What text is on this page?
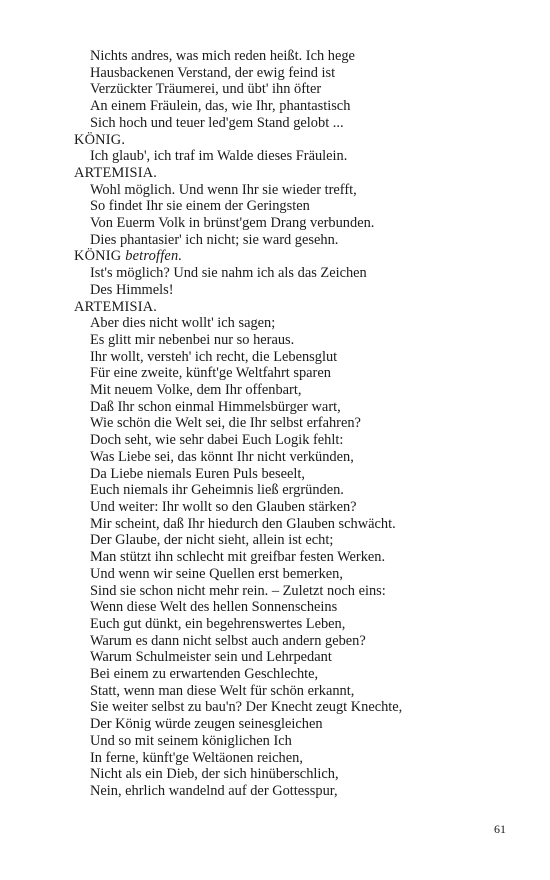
Nichts andres, was mich reden heißt. Ich hege
Hausbackenen Verstand, der ewig feind ist
Verzückter Träumerei, und übt' ihn öfter
An einem Fräulein, das, wie Ihr, phantastisch
Sich hoch und teuer led'gem Stand gelobt ...
KÖNIG.
Ich glaub', ich traf im Walde dieses Fräulein.
ARTEMISIA.
Wohl möglich. Und wenn Ihr sie wieder trefft,
So findet Ihr sie einem der Geringsten
Von Euerm Volk in brünst'gem Drang verbunden.
Dies phantasier' ich nicht; sie ward gesehn.
KÖNIG betroffen.
Ist's möglich? Und sie nahm ich als das Zeichen
Des Himmels!
ARTEMISIA.
Aber dies nicht wollt' ich sagen;
Es glitt mir nebenbei nur so heraus.
Ihr wollt, versteh' ich recht, die Lebensglut
Für eine zweite, künft'ge Weltfahrt sparen
Mit neuem Volke, dem Ihr offenbart,
Daß Ihr schon einmal Himmelsbürger wart,
Wie schön die Welt sei, die Ihr selbst erfahren?
Doch seht, wie sehr dabei Euch Logik fehlt:
Was Liebe sei, das könnt Ihr nicht verkünden,
Da Liebe niemals Euren Puls beseelt,
Euch niemals ihr Geheimnis ließ ergründen.
Und weiter: Ihr wollt so den Glauben stärken?
Mir scheint, daß Ihr hiedurch den Glauben schwächt.
Der Glaube, der nicht sieht, allein ist echt;
Man stützt ihn schlecht mit greifbar festen Werken.
Und wenn wir seine Quellen erst bemerken,
Sind sie schon nicht mehr rein. – Zuletzt noch eins:
Wenn diese Welt des hellen Sonnenscheins
Euch gut dünkt, ein begehrenswertes Leben,
Warum es dann nicht selbst auch andern geben?
Warum Schulmeister sein und Lehrpedant
Bei einem zu erwartenden Geschlechte,
Statt, wenn man diese Welt für schön erkannt,
Sie weiter selbst zu bau'n? Der Knecht zeugt Knechte,
Der König würde zeugen seinesgleichen
Und so mit seinem königlichen Ich
In ferne, künft'ge Weltäonen reichen,
Nicht als ein Dieb, der sich hinüberschlich,
Nein, ehrlich wandelnd auf der Gottesspur,
61
